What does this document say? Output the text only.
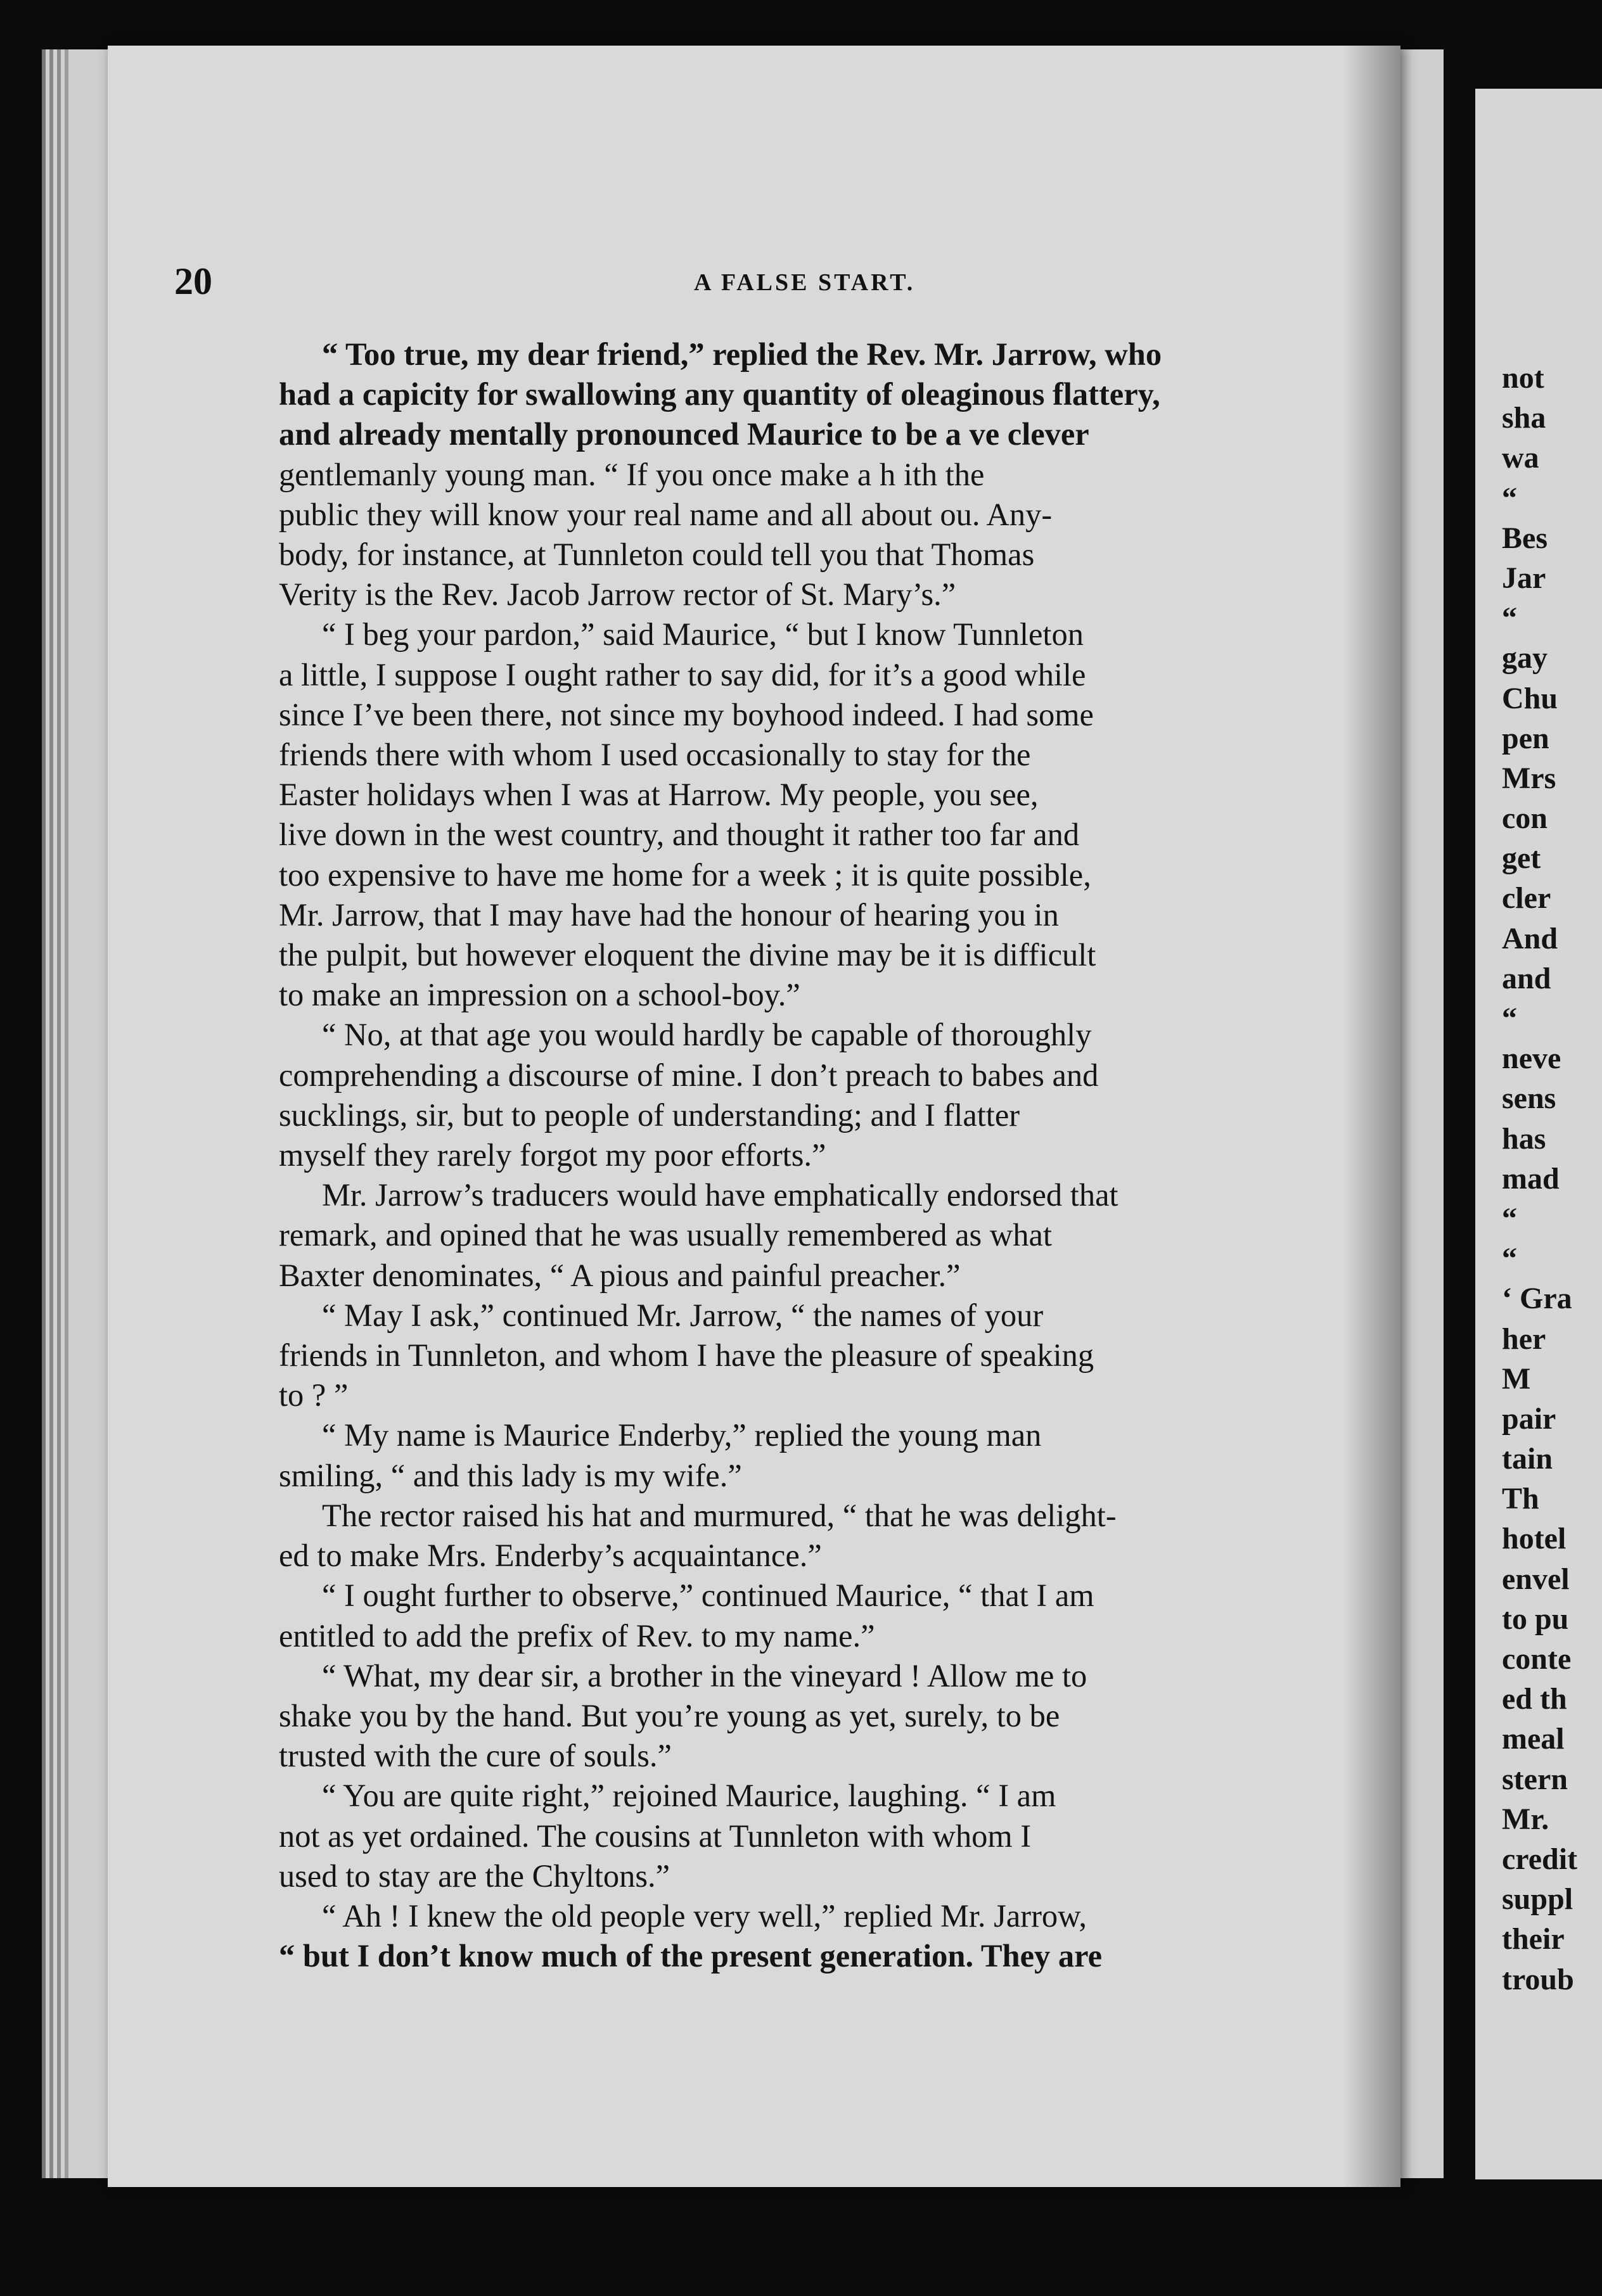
20	A FALSE START.
“ Too true, my dear friend,” replied the Rev. Mr. Jarrow, who
had a capicity for swallowing any quantity of oleaginous flattery,
and already mentally pronounced Maurice to be a ve clever
gentlemanly young man. “ If you once make a h ith the
public they will know your real name and all about ou. Any-
body, for instance, at Tunnleton could tell you that Thomas
Verity is the Rev. Jacob Jarrow rector of St. Mary’s.”
“ I beg your pardon,” said Maurice, “ but I know Tunnleton
a little, I suppose I ought rather to say did, for it’s a good while
since I’ve been there, not since my boyhood indeed. I had some
friends there with whom I used occasionally to stay for the
Easter holidays when I was at Harrow. My people, you see,
live down in the west country, and thought it rather too far and
too expensive to have me home for a week ; it is quite possible,
Mr. Jarrow, that I may have had the honour of hearing you in
the pulpit, but however eloquent the divine may be it is difficult
to make an impression on a school-boy.”
“ No, at that age you would hardly be capable of thoroughly
comprehending a discourse of mine. I don’t preach to babes and
sucklings, sir, but to people of understanding; and I flatter
myself they rarely forgot my poor efforts.”
Mr. Jarrow’s traducers would have emphatically endorsed that
remark, and opined that he was usually remembered as what
Baxter denominates, “ A pious and painful preacher.”
“ May I ask,” continued Mr. Jarrow, “ the names of your
friends in Tunnleton, and whom I have the pleasure of speaking
to ? ”
“ My name is Maurice Enderby,” replied the young man
smiling, “ and this lady is my wife.”
The rector raised his hat and murmured, “ that he was delight-
ed to make Mrs. Enderby’s acquaintance.”
“ I ought further to observe,” continued Maurice, “ that I am
entitled to add the prefix of Rev. to my name.”
“ What, my dear sir, a brother in the vineyard ! Allow me to
shake you by the hand. But you’re young as yet, surely, to be
trusted with the cure of souls.”
“ You are quite right,” rejoined Maurice, laughing. “ I am
not as yet ordained. The cousins at Tunnleton with whom I
used to stay are the Chyltons.”
“ Ah ! I knew the old people very well,” replied Mr. Jarrow,
“ but I don’t know much of the present generation. They are
not
sha
wa
“
Bes
Jar
“
gay
Chu
pen
Mrs
con
get
cler
And
and
“
neve
sens
has
mad
“
“
‘ Gra
her
M
pair
tain
Th
hotel
envel
to pu
conte
ed th
meal
stern
Mr.
credit
suppl
their
troub
